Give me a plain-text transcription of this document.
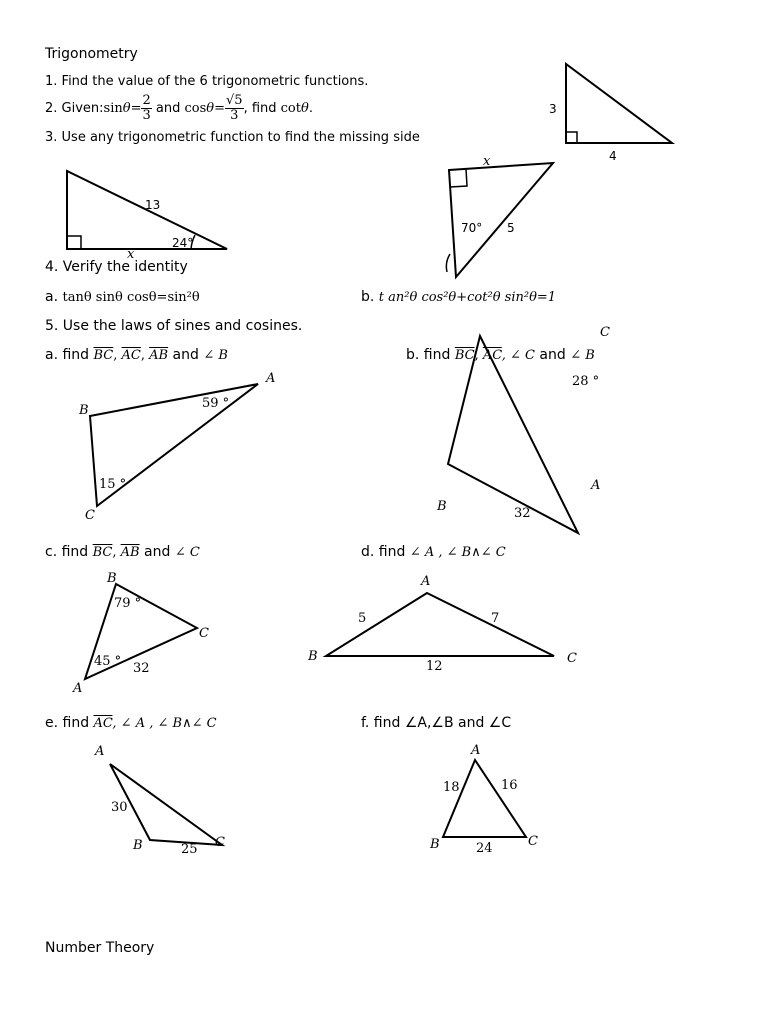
Trigonometry
1. Find the value of the 6 trigonometric functions.
2. Given:sinθ= $\frac{2}{3}$ and $\cos\theta= \frac{√5}{3}$ , find cotθ.
3. Use any trigonometric function to find the missing side
4. Verify the identity
a. tanθ sinθ cosθ=sin²θ	b. t an²θ cos²θ+cot²θ sin²θ=1
5. Use the laws of sines and cosines.
a. find $\overline{BC}$, $\overline{AC}$, $\overline{AB}$ and ∠ B	b. find $\overline{BC}$, $\overline{AC}$, ∠ C and ∠ B
c. find $\overline{BC}$, $\overline{AB}$ and ∠ C	d. find ∠ A , ∠ B∧∠ C
e. find $\overline{AC}$, ∠ A , ∠ B∧∠ C	f. find ∠A,∠B and ∠C
Number Theory
3
4
13
24°
x
x
70° 5
A
B
C
59 °
15 °
C
28 °
A
B	32
B
79 °
C
45 ° 32
A
A
5	7
B	C
12
A
30
B	25 C
A
18	16
B	24	C
